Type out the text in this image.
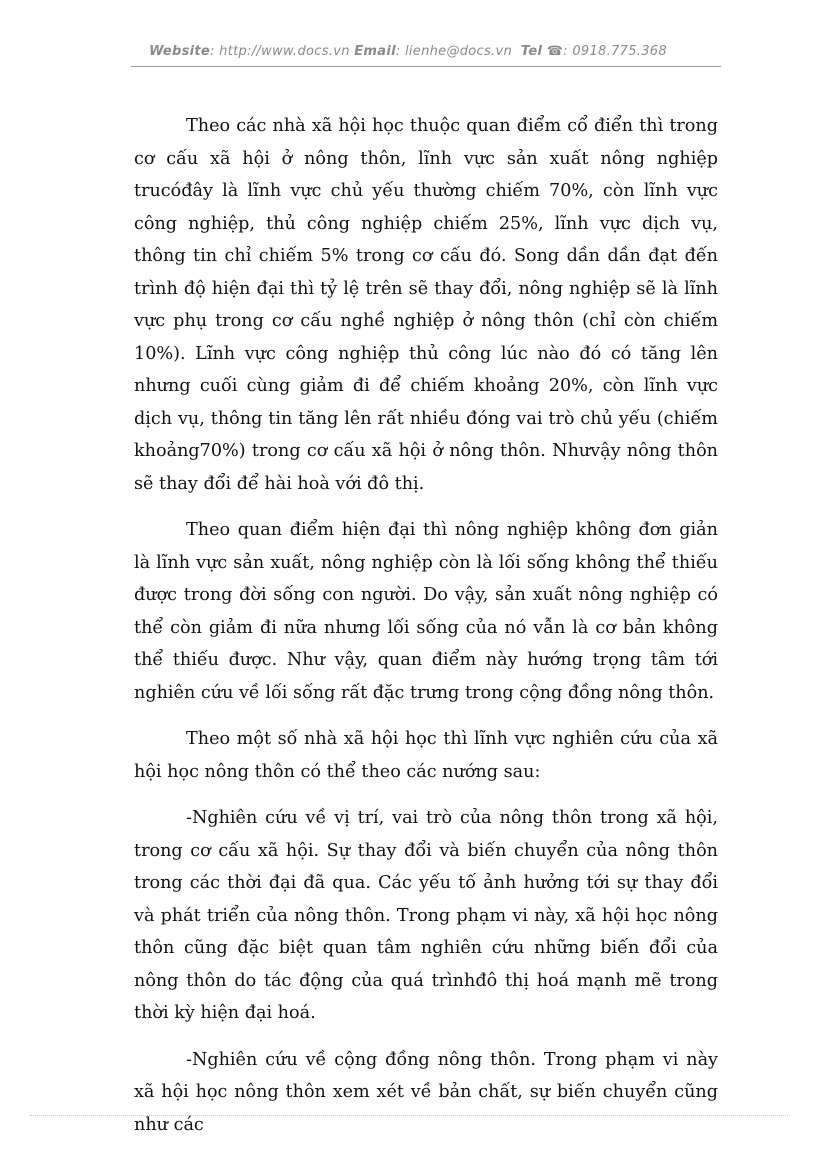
Website: http://www.docs.vn Email: lienhe@docs.vn Tel ☎: 0918.775.368

Theo các nhà xã hội học thuộc quan điểm cổ điển thì trong cơ cấu xã hội ở nông thôn, lĩnh vực sản xuất nông nghiệp trucóđây là lĩnh vực chủ yếu thường chiếm 70%, còn lĩnh vực công nghiệp, thủ công nghiệp chiếm 25%, lĩnh vực dịch vụ, thông tin chỉ chiếm 5% trong cơ cấu đó. Song dần dần đạt đến trình độ hiện đại thì tỷ lệ trên sẽ thay đổi, nông nghiệp sẽ là lĩnh vực phụ trong cơ cấu nghề nghiệp ở nông thôn (chỉ còn chiếm 10%). Lĩnh vực công nghiệp thủ công lúc nào đó có tăng lên nhưng cuối cùng giảm đi để chiếm khoảng 20%, còn lĩnh vực dịch vụ, thông tin tăng lên rất nhiều đóng vai trò chủ yếu (chiếm khoảng70%) trong cơ cấu xã hội ở nông thôn. Nhưvậy nông thôn sẽ thay đổi để hài hoà với đô thị.

Theo quan điểm hiện đại thì nông nghiệp không đơn giản là lĩnh vực sản xuất, nông nghiệp còn là lối sống không thể thiếu được trong đời sống con người. Do vậy, sản xuất nông nghiệp có thể còn giảm đi nữa nhưng lối sống của nó vẫn là cơ bản không thể thiếu được. Như vậy, quan điểm này hướng trọng tâm tới nghiên cứu về lối sống rất đặc trưng trong cộng đồng nông thôn.

Theo một số nhà xã hội học thì lĩnh vực nghiên cứu của xã hội học nông thôn có thể theo các nướng sau:

-Nghiên cứu về vị trí, vai trò của nông thôn trong xã hội, trong cơ cấu xã hội. Sự thay đổi và biến chuyển của nông thôn trong các thời đại đã qua. Các yếu tố ảnh hưởng tới sự thay đổi và phát triển của nông thôn. Trong phạm vi này, xã hội học nông thôn cũng đặc biệt quan tâm nghiên cứu những biến đổi của nông thôn do tác động của quá trìnhđô thị hoá mạnh mẽ trong thời kỳ hiện đại hoá.

-Nghiên cứu về cộng đồng nông thôn. Trong phạm vi này xã hội học nông thôn xem xét về bản chất, sự biến chuyển cũng như các
